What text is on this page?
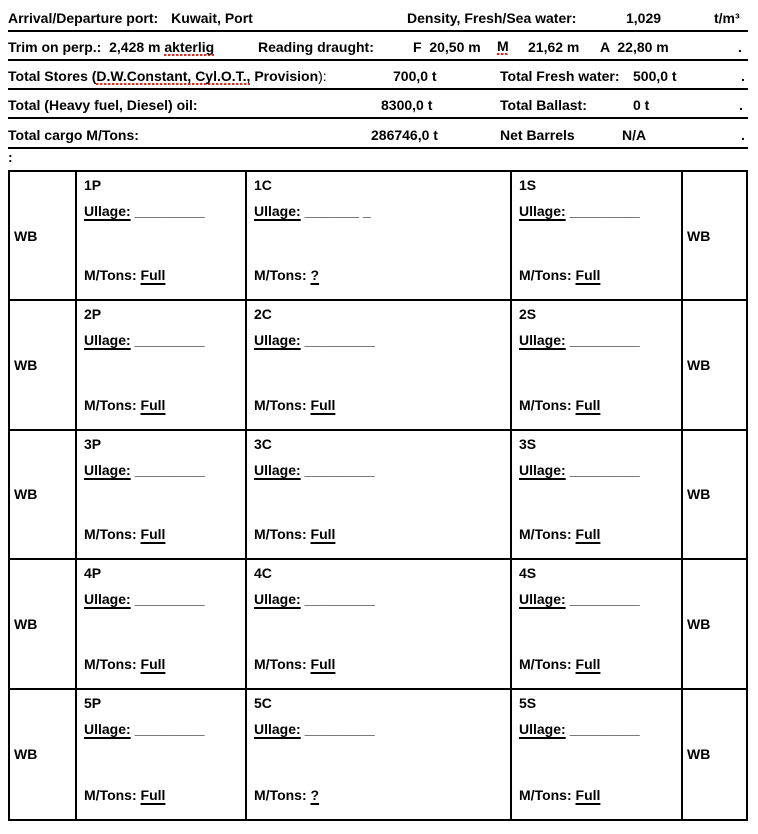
Arrival/Departure port: Kuwait, Port	Density, Fresh/Sea water:	1,029	t/m³
Trim on perp.:  2,428 m akterlig	Reading draught:	F  20,50 m M 21,62 m A  22,80 m	.
Total Stores (D.W.Constant, Cyl.O.T., Provision):	700,0 t	Total Fresh water: 500,0 t	.
Total (Heavy fuel, Diesel) oil:	8300,0 t	Total Ballast:	0 t	.
Total cargo M/Tons:	286746,0 t	Net Barrels	N/A	.
:
WB
1P
Ullage: _________
M/Tons: Full
1C
Ullage: _______ _
M/Tons: ?
1S
Ullage: _________
M/Tons: Full
WB
WB
2P
Ullage: _________
M/Tons: Full
2C
Ullage: _________
M/Tons: Full
2S
Ullage: _________
M/Tons: Full
WB
WB
3P
Ullage: _________
M/Tons: Full
3C
Ullage: _________
M/Tons: Full
3S
Ullage: _________
M/Tons: Full
WB
WB
4P
Ullage: _________
M/Tons: Full
4C
Ullage: _________
M/Tons: Full
4S
Ullage: _________
M/Tons: Full
WB
WB
5P
Ullage: _________
M/Tons: Full
5C
Ullage: _________
M/Tons: ?
5S
Ullage: _________
M/Tons: Full
WB
